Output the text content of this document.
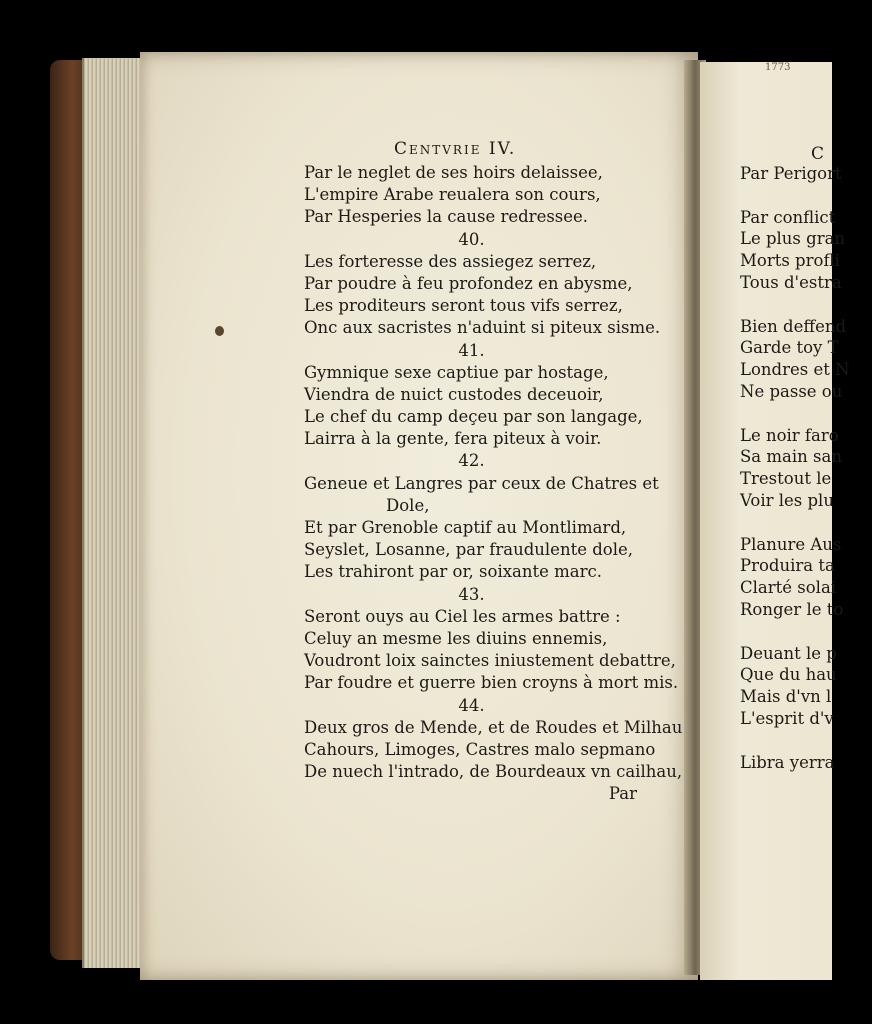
1773
Centvrie IV.
Par le neglet de ses hoirs delaissee,
L'empire Arabe reualera son cours,
Par Hesperies la cause redressee.
40.
Les forteresse des assiegez serrez,
Par poudre à feu profondez en abysme,
Les proditeurs seront tous vifs serrez,
Onc aux sacristes n'aduint si piteux sisme.
41.
Gymnique sexe captiue par hostage,
Viendra de nuict custodes deceuoir,
Le chef du camp deçeu par son langage,
Lairra à la gente, fera piteux à voir.
42.
Geneue et Langres par ceux de Chatres et
Dole,
Et par Grenoble captif au Montlimard,
Seyslet, Losanne, par fraudulente dole,
Les trahiront par or, soixante marc.
43.
Seront ouys au Ciel les armes battre :
Celuy an mesme les diuins ennemis,
Voudront loix sainctes iniustement debattre,
Par foudre et guerre bien croyns à mort mis.
44.
Deux gros de Mende, et de Roudes et Milhau
Cahours, Limoges, Castres malo sepmano
De nuech l'intrado, de Bourdeaux vn cailhau,
Par
C
Par Perigort
Par conflict
Le plus gran
Morts profli
Tous d'estra
Bien deffend
Garde toy T
Londres et N
Ne passe ou
Le noir faro
Sa main san
Trestout le
Voir les plu
Planure Aus
Produira ta
Clarté solai
Ronger le to
Deuant le p
Que du hau
Mais d'vn l
L'esprit d'v
Libra yerra
